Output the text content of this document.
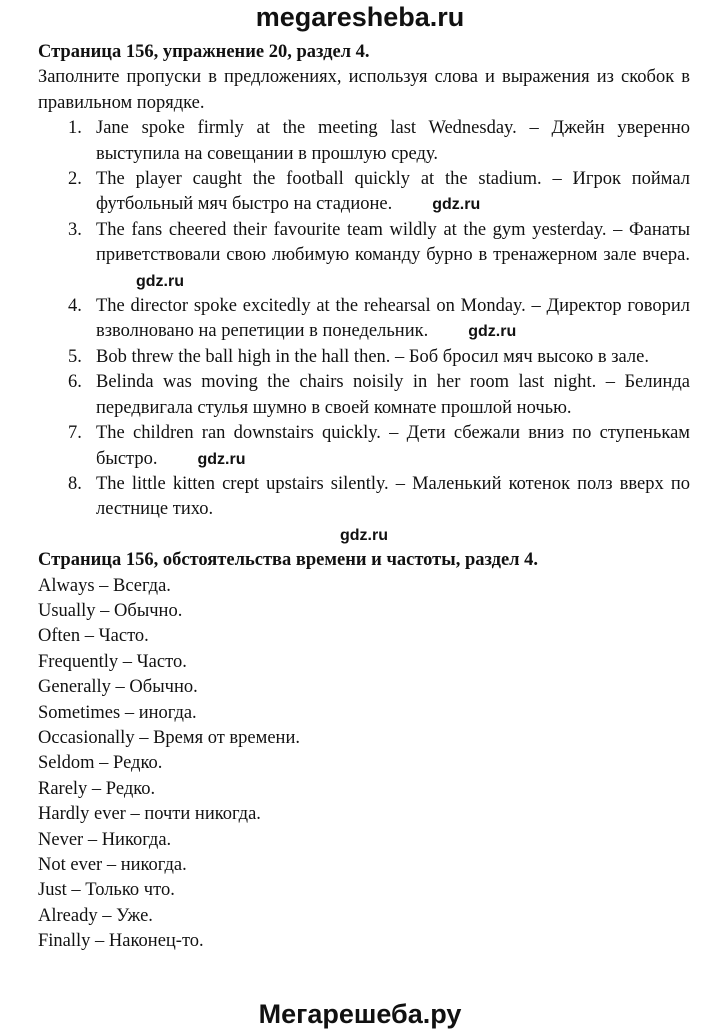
megaresheba.ru
Страница 156, упражнение 20, раздел 4.
Заполните пропуски в предложениях, используя слова и выражения из скобок в правильном порядке.
1. Jane spoke firmly at the meeting last Wednesday. – Джейн уверенно выступила на совещании в прошлую среду.
2. The player caught the football quickly at the stadium. – Игрок поймал футбольный мяч быстро на стадионе.	gdz.ru
3. The fans cheered their favourite team wildly at the gym yesterday. – Фанаты приветствовали свою любимую команду бурно в тренажерном зале вчера.gdz.ru
4. The director spoke excitedly at the rehearsal on Monday. – Директор говорил взволновано на репетиции в понедельник.	gdz.ru
5. Bob threw the ball high in the hall then. – Боб бросил мяч высоко в зале.
6. Belinda was moving the chairs noisily in her room last night. – Белинда передвигала стулья шумно в своей комнате прошлой ночью.
7. The children ran downstairs quickly. – Дети сбежали вниз по ступенькам быстро.	gdz.ru
8. The little kitten crept upstairs silently. – Маленький котенок полз вверх по лестнице тихо.
gdz.ru
Страница 156, обстоятельства времени и частоты, раздел 4.
Always – Всегда.
Usually – Обычно.
Often – Часто.
Frequently – Часто.
Generally – Обычно.
Sometimes – иногда.
Occasionally – Время от времени.
Seldom – Редко.
Rarely – Редко.
Hardly ever – почти никогда.
Never – Никогда.
Not ever – никогда.
Just – Только что.
Already – Уже.
Finally – Наконец-то.
Мегарешеба.ру
